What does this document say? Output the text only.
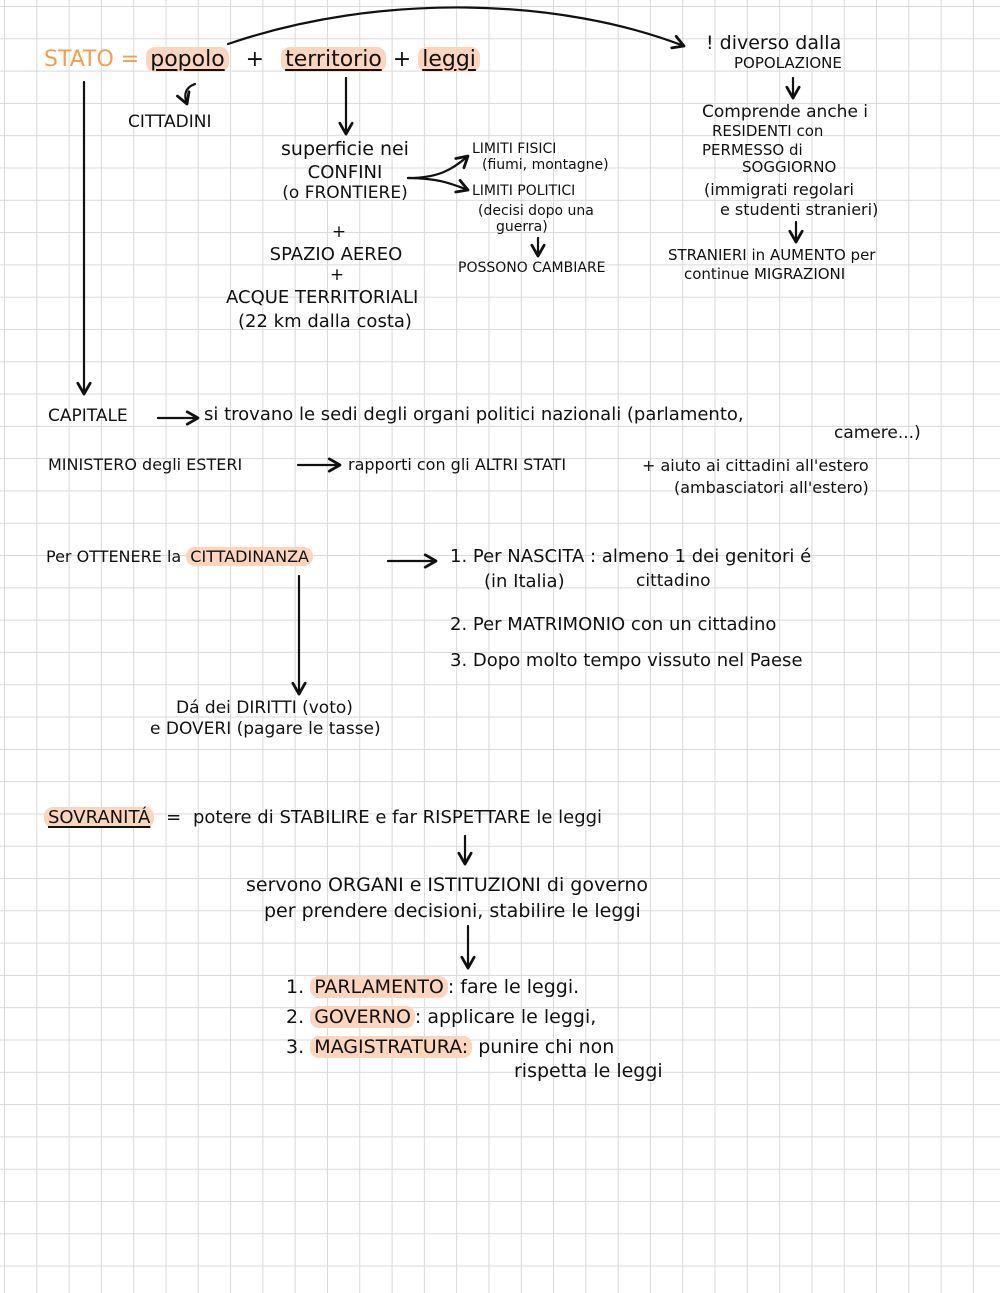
STATO = popolo + territorio + leggi
CITTADINI
superficie nei
CONFINI
(o FRONTIERE)
+
SPAZIO AEREO
+
ACQUE TERRITORIALI
(22 km dalla costa)
LIMITI FISICI
(fiumi, montagne)
LIMITI POLITICI
(decisi dopo una
guerra)
POSSONO CAMBIARE
! diverso dalla
POPOLAZIONE
Comprende anche i
RESIDENTI con
PERMESSO di
SOGGIORNO
(immigrati regolari
e studenti stranieri)
STRANIERI in AUMENTO per
continue MIGRAZIONI
CAPITALE	si trovano le sedi degli organi politici nazionali (parlamento,
camere...)
MINISTERO degli ESTERI	rapporti con gli ALTRI STATI	+ aiuto ai cittadini all'estero
(ambasciatori all'estero)
Per OTTENERE la CITTADINANZA	1. Per NASCITA : almeno 1 dei genitori é
(in Italia)	cittadino
2. Per MATRIMONIO con un cittadino
3. Dopo molto tempo vissuto nel Paese
Dá dei DIRITTI (voto)
e DOVERI (pagare le tasse)
SOVRANITÁ = potere di STABILIRE e far RISPETTARE le leggi
servono ORGANI e ISTITUZIONI di governo
per prendere decisioni, stabilire le leggi
1. PARLAMENTO : fare le leggi.
2. GOVERNO : applicare le leggi,
3. MAGISTRATURA: punire chi non
rispetta le leggi
